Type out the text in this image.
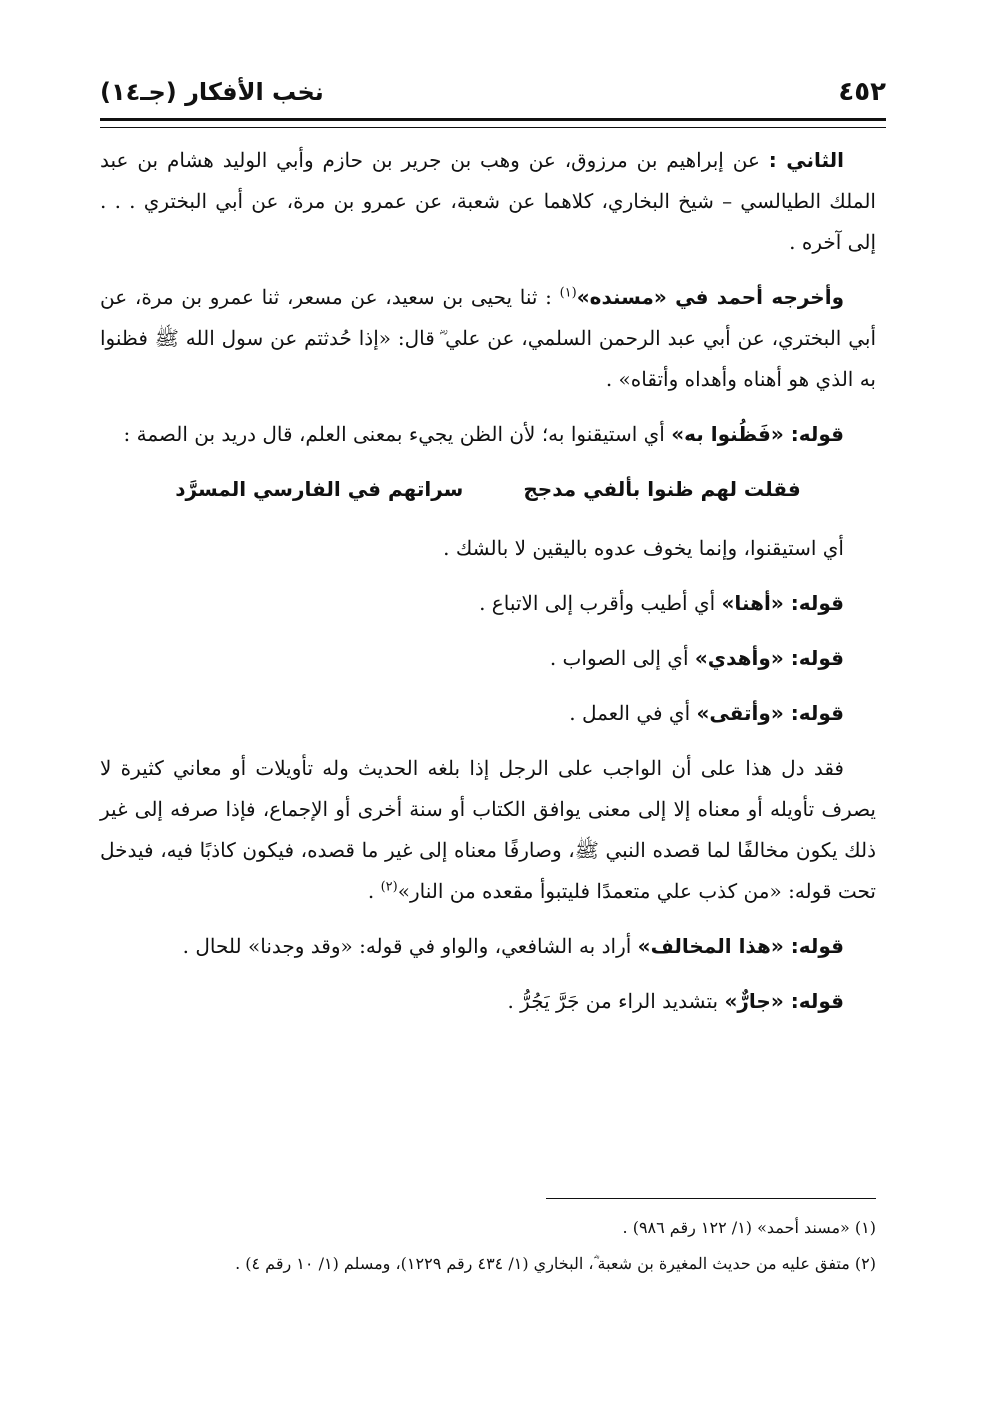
٤٥٢
نخب الأفكار (جـ١٤)

الثاني : عن إبراهيم بن مرزوق، عن وهب بن جرير بن حازم وأبي الوليد هشام بن عبد الملك الطيالسي – شيخ البخاري، كلاهما عن شعبة، عن عمرو بن مرة، عن أبي البختري . . . إلى آخره .

وأخرجه أحمد في «مسنده»$^{(١)}$ : ثنا يحيى بن سعيد، عن مسعر، ثنا عمرو بن مرة، عن أبي البختري، عن أبي عبد الرحمن السلمي، عن علي ؓ قال: «إذا حُدثتم عن سول الله ﷺ فظنوا به الذي هو أهناه وأهداه وأتقاه» .

قوله: «فَظُنوا به» أي استيقنوا به؛ لأن الظن يجيء بمعنى العلم، قال دريد بن الصمة :

فقلت لهم ظنوا بألفي مدجج
سراتهم في الفارسي المسرَّد

أي استيقنوا، وإنما يخوف عدوه باليقين لا بالشك .

قوله: «أهنا» أي أطيب وأقرب إلى الاتباع .

قوله: «وأهدي» أي إلى الصواب .

قوله: «وأتقى» أي في العمل .

فقد دل هذا على أن الواجب على الرجل إذا بلغه الحديث وله تأويلات أو معاني كثيرة لا يصرف تأويله أو معناه إلا إلى معنى يوافق الكتاب أو سنة أخرى أو الإجماع، فإذا صرفه إلى غير ذلك يكون مخالفًا لما قصده النبي ﷺ، وصارفًا معناه إلى غير ما قصده، فيكون كاذبًا فيه، فيدخل تحت قوله: «من كذب علي متعمدًا فليتبوأ مقعده من النار»$^{(٢)}$ .

قوله: «هذا المخالف» أراد به الشافعي، والواو في قوله: «وقد وجدنا» للحال .

قوله: «جارٌّ» بتشديد الراء من جَرَّ يَجُرُّ .

(١) «مسند أحمد» (١/ ١٢٢ رقم ٩٨٦) .

(٢) متفق عليه من حديث المغيرة بن شعبة ؓ، البخاري (١/ ٤٣٤ رقم ١٢٢٩)، ومسلم (١/ ١٠ رقم ٤) .
